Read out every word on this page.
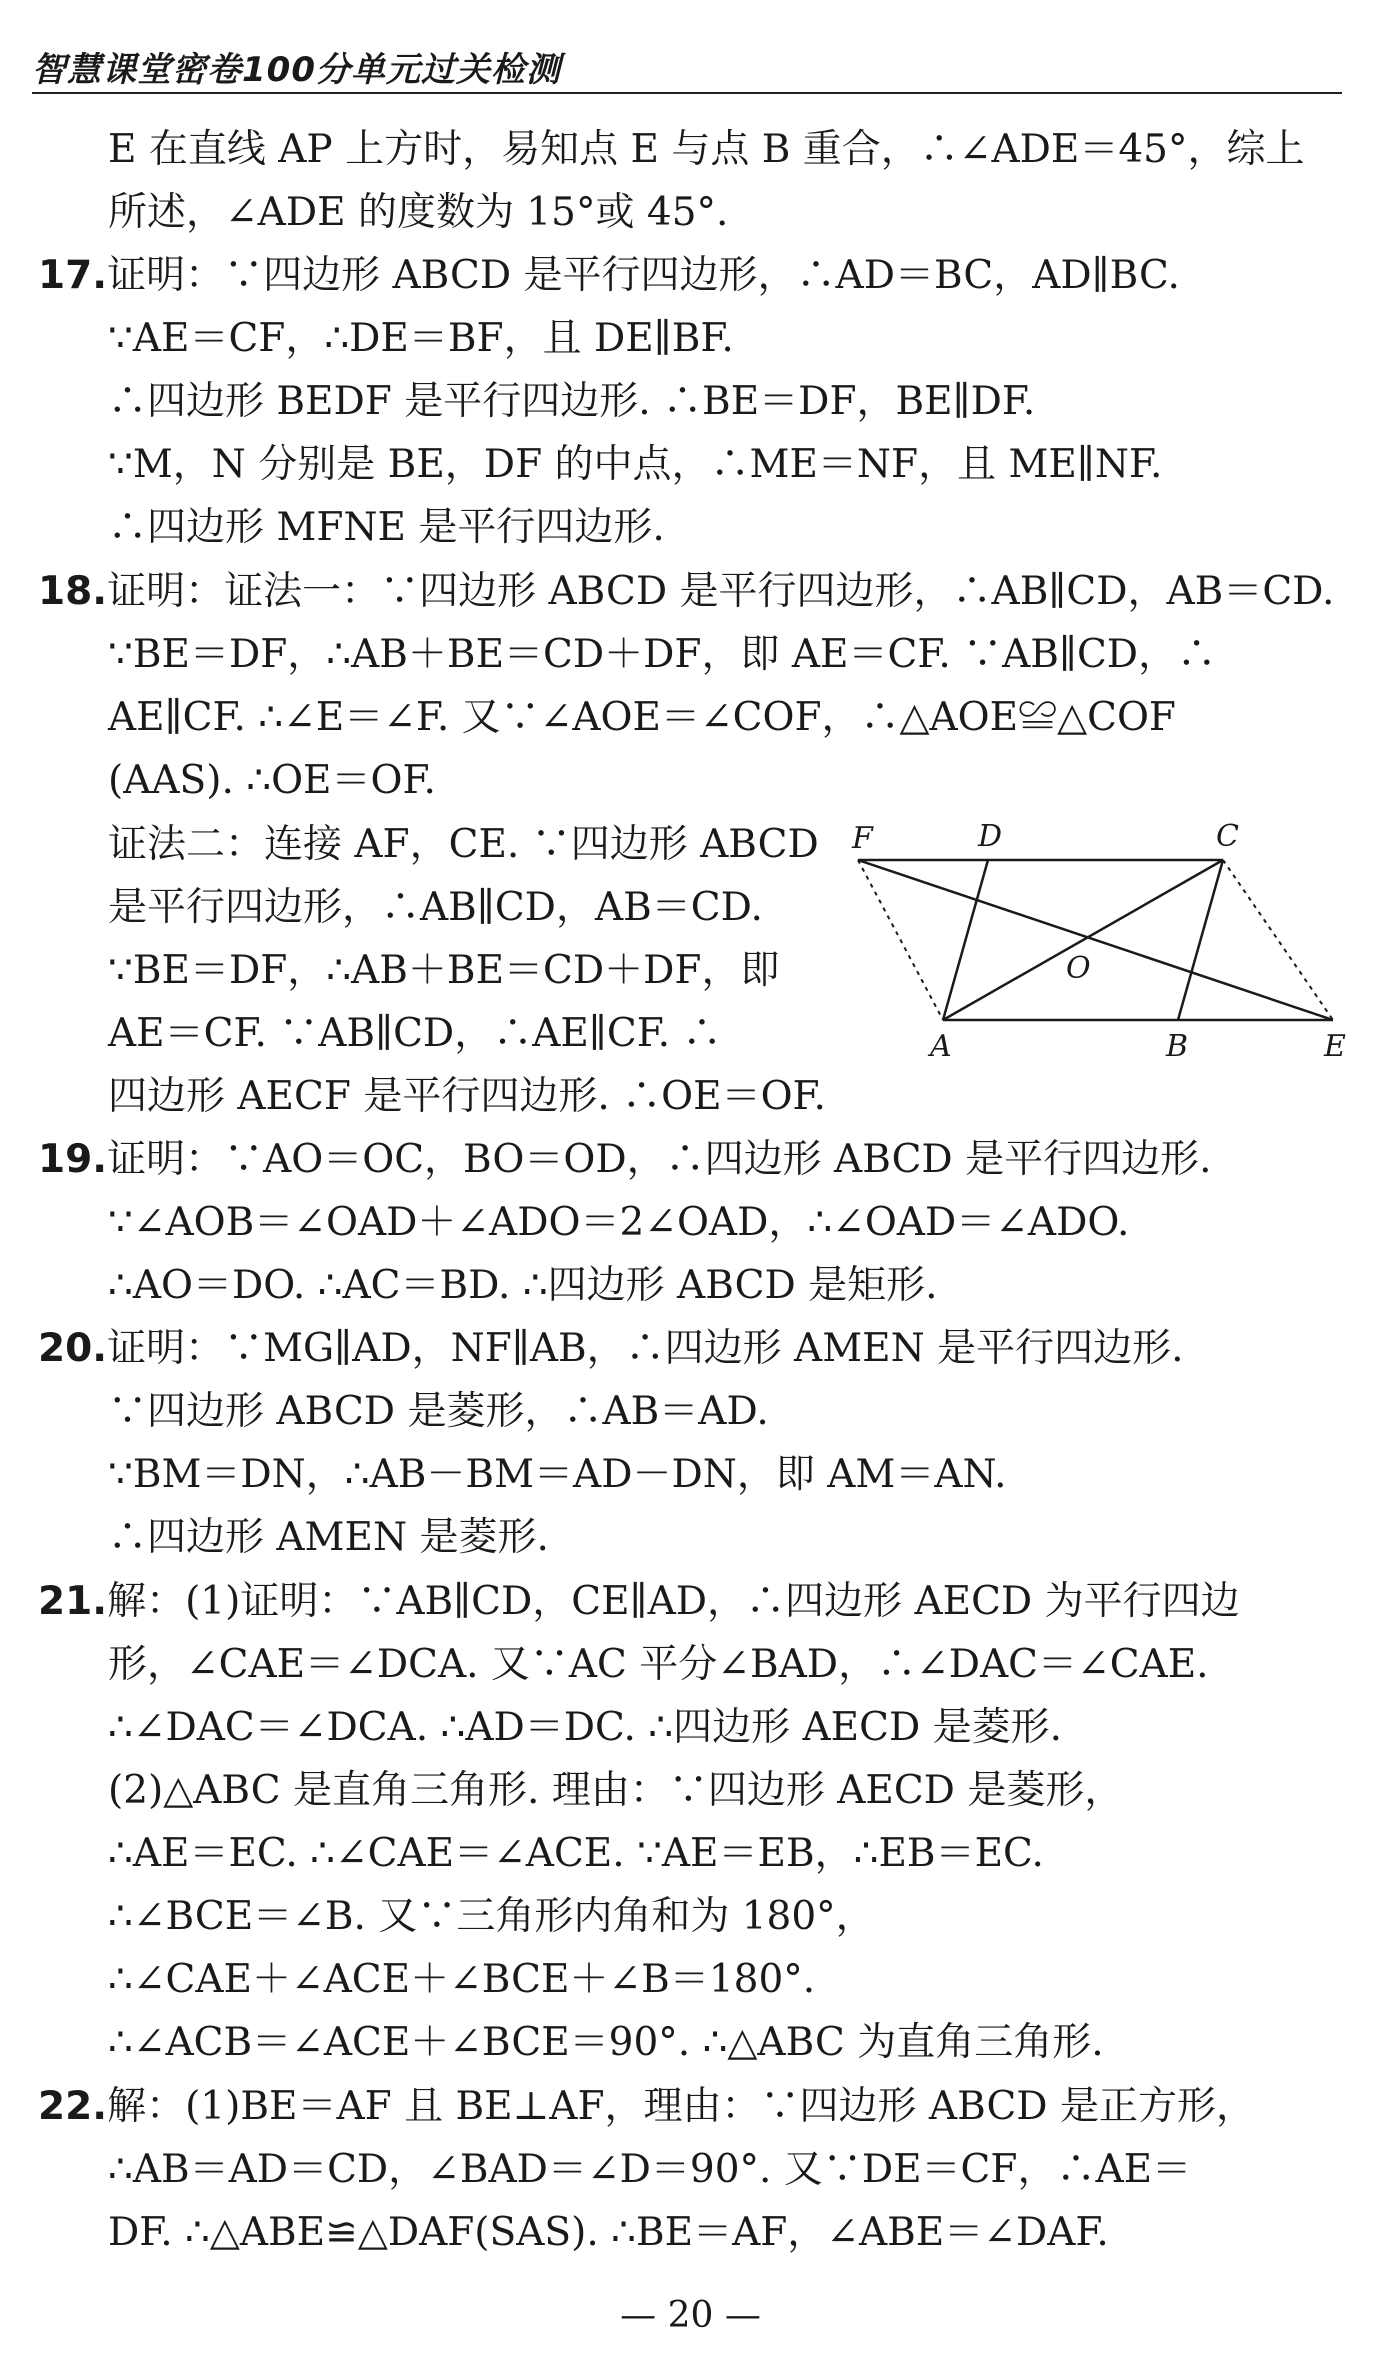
智慧课堂密卷100分单元过关检测
E 在直线 AP 上方时，易知点 E 与点 B 重合，∴∠ADE＝45°，综上
所述，∠ADE 的度数为 15°或 45°.
17.证明：∵四边形 ABCD 是平行四边形，∴AD＝BC，AD∥BC.
∵AE＝CF，∴DE＝BF，且 DE∥BF.
∴四边形 BEDF 是平行四边形. ∴BE＝DF，BE∥DF.
∵M，N 分别是 BE，DF 的中点，∴ME＝NF，且 ME∥NF.
∴四边形 MFNE 是平行四边形.
18.证明：证法一：∵四边形 ABCD 是平行四边形，∴AB∥CD，AB＝CD.
∵BE＝DF，∴AB＋BE＝CD＋DF，即 AE＝CF. ∵AB∥CD，∴
AE∥CF. ∴∠E＝∠F. 又∵∠AOE＝∠COF，∴△AOE≌△COF
(AAS). ∴OE＝OF.
证法二：连接 AF，CE. ∵四边形 ABCD
是平行四边形，∴AB∥CD，AB＝CD.
∵BE＝DF，∴AB＋BE＝CD＋DF，即
AE＝CF. ∵AB∥CD，∴AE∥CF. ∴
四边形 AECF 是平行四边形. ∴OE＝OF.
F	D	C
O
A	B	E
19.证明：∵AO＝OC，BO＝OD，∴四边形 ABCD 是平行四边形.
∵∠AOB＝∠OAD＋∠ADO＝2∠OAD，∴∠OAD＝∠ADO.
∴AO＝DO. ∴AC＝BD. ∴四边形 ABCD 是矩形.
20.证明：∵MG∥AD，NF∥AB，∴四边形 AMEN 是平行四边形.
∵四边形 ABCD 是菱形，∴AB＝AD.
∵BM＝DN，∴AB－BM＝AD－DN，即 AM＝AN.
∴四边形 AMEN 是菱形.
21.解：(1)证明：∵AB∥CD，CE∥AD，∴四边形 AECD 为平行四边
形，∠CAE＝∠DCA. 又∵AC 平分∠BAD，∴∠DAC＝∠CAE.
∴∠DAC＝∠DCA. ∴AD＝DC. ∴四边形 AECD 是菱形.
(2)△ABC 是直角三角形. 理由：∵四边形 AECD 是菱形，
∴AE＝EC. ∴∠CAE＝∠ACE. ∵AE＝EB，∴EB＝EC.
∴∠BCE＝∠B. 又∵三角形内角和为 180°，
∴∠CAE＋∠ACE＋∠BCE＋∠B＝180°.
∴∠ACB＝∠ACE＋∠BCE＝90°. ∴△ABC 为直角三角形.
22.解：(1)BE＝AF 且 BE⊥AF，理由：∵四边形 ABCD 是正方形，
∴AB＝AD＝CD，∠BAD＝∠D＝90°. 又∵DE＝CF，∴AE＝
DF. ∴△ABE≌△DAF(SAS). ∴BE＝AF，∠ABE＝∠DAF.
— 20 —
